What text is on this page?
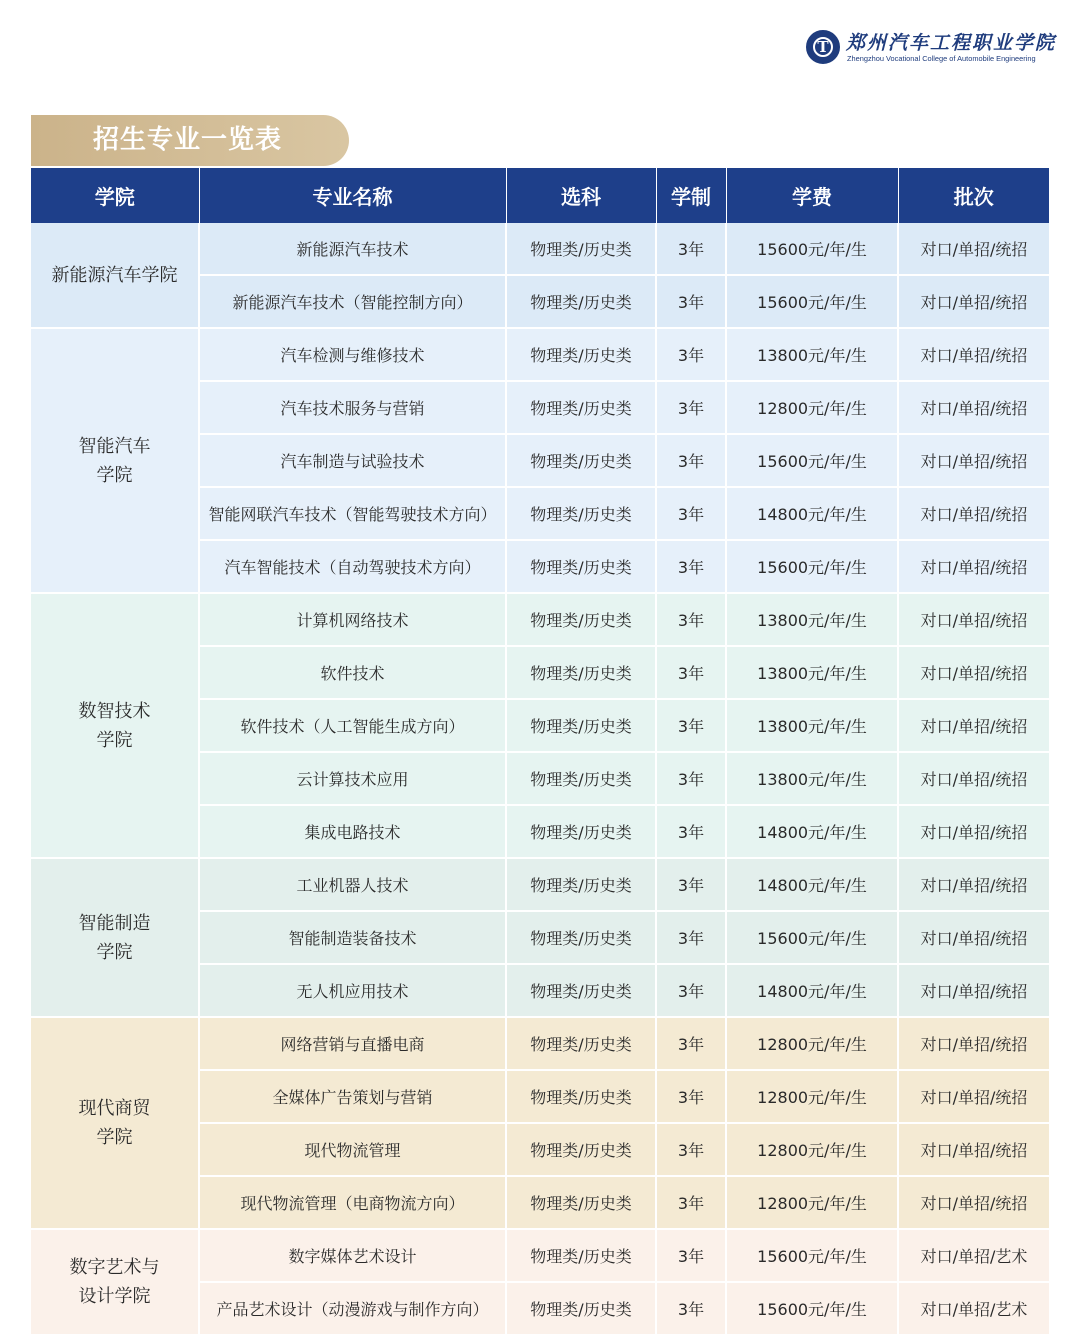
T 郑州汽车工程职业学院
Zhengzhou Vocational College of Automobile Engineering
招生专业一览表
学院	专业名称	选科	学制	学费	批次
新能源汽车学院	新能源汽车技术	物理类/历史类	3年	15600元/年/生	对口/单招/统招
	新能源汽车技术（智能控制方向）	物理类/历史类	3年	15600元/年/生	对口/单招/统招
智能汽车
学院	汽车检测与维修技术	物理类/历史类	3年	13800元/年/生	对口/单招/统招
	汽车技术服务与营销	物理类/历史类	3年	12800元/年/生	对口/单招/统招
	汽车制造与试验技术	物理类/历史类	3年	15600元/年/生	对口/单招/统招
	智能网联汽车技术（智能驾驶技术方向）	物理类/历史类	3年	14800元/年/生	对口/单招/统招
	汽车智能技术（自动驾驶技术方向）	物理类/历史类	3年	15600元/年/生	对口/单招/统招
数智技术
学院	计算机网络技术	物理类/历史类	3年	13800元/年/生	对口/单招/统招
	软件技术	物理类/历史类	3年	13800元/年/生	对口/单招/统招
	软件技术（人工智能生成方向）	物理类/历史类	3年	13800元/年/生	对口/单招/统招
	云计算技术应用	物理类/历史类	3年	13800元/年/生	对口/单招/统招
	集成电路技术	物理类/历史类	3年	14800元/年/生	对口/单招/统招
智能制造
学院	工业机器人技术	物理类/历史类	3年	14800元/年/生	对口/单招/统招
	智能制造装备技术	物理类/历史类	3年	15600元/年/生	对口/单招/统招
	无人机应用技术	物理类/历史类	3年	14800元/年/生	对口/单招/统招
现代商贸
学院	网络营销与直播电商	物理类/历史类	3年	12800元/年/生	对口/单招/统招
	全媒体广告策划与营销	物理类/历史类	3年	12800元/年/生	对口/单招/统招
	现代物流管理	物理类/历史类	3年	12800元/年/生	对口/单招/统招
	现代物流管理（电商物流方向）	物理类/历史类	3年	12800元/年/生	对口/单招/统招
数字艺术与
设计学院	数字媒体艺术设计	物理类/历史类	3年	15600元/年/生	对口/单招/艺术
	产品艺术设计（动漫游戏与制作方向）	物理类/历史类	3年	15600元/年/生	对口/单招/艺术
